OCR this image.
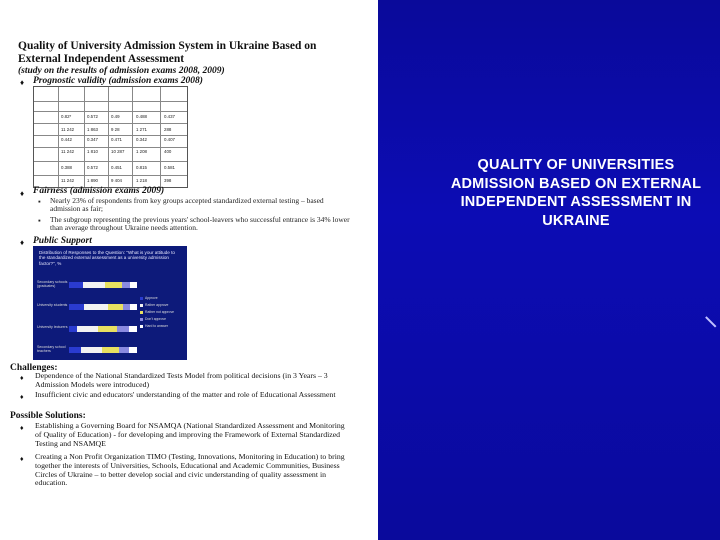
Quality of University Admission System in Ukraine Based on External Independent Assessment
(study on the results of admission exams 2008, 2009)
♦ Prognostic validity (admission exams 2008)
0.82*	0.572	0.49	0.488	0.437
11 242	1 863	9 28	1 271	288
0.442	0.347	0.471	0.342	0.407
11 242	1 810	10 287	1 208	400
0.388	0.572	0.451	0.815	0.581
11 242	1 890	9 404	1 218	398
♦ Fairness (admission exams 2009)
▪ Nearly 23% of respondents from key groups accepted standardized external testing – based admission as fair;
▪ The subgroup representing the previous years' school-leavers who successful entrance is 34% lower than average throughout Ukraine needs attention.
♦ Public Support
Distribution of Responses to the Question: "What is your attitude to the standardized external assessment as a university admission factor?", %
Secondary schools (graduates)
University students
University lecturers
Secondary school teachers
Approve
Rather approve
Rather not approve
Don't approve
Hard to answer
Challenges:
♦ Dependence of the National Standardized Tests Model from political decisions (in 3 Years – 3 Admission Models were introduced)
♦ Insufficient civic and educators' understanding of the matter and role of Educational Assessment
Possible Solutions:
♦ Establishing a Governing Board for NSAMQA (National Standardized Assessment and Monitoring of Quality of Education) - for developing and improving the Framework of External Standardized Testing and NSAMQE
♦ Creating a Non Profit Organization TIMO (Testing, Innovations, Monitoring in Education) to bring together the interests of Universities, Schools, Educational and Academic Communities, Business Circles of Ukraine – to better develop social and civic understanding of quality assessment in education.
QUALITY OF UNIVERSITIES ADMISSION BASED ON EXTERNAL INDEPENDENT ASSESSMENT IN UKRAINE
